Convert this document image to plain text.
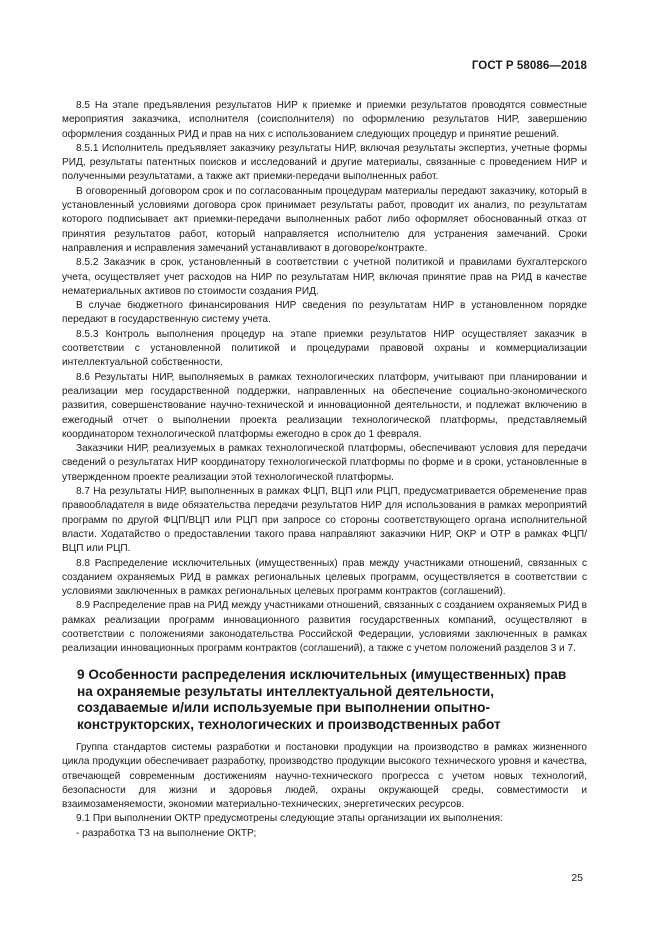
ГОСТ Р 58086—2018

8.5 На этапе предъявления результатов НИР к приемке и приемки результатов проводятся совместные мероприятия заказчика, исполнителя (соисполнителя) по оформлению результатов НИР, завершению оформления созданных РИД и прав на них с использованием следующих процедур и принятие решений.

8.5.1 Исполнитель предъявляет заказчику результаты НИР, включая результаты экспертиз, учетные формы РИД, результаты патентных поисков и исследований и другие материалы, связанные с проведением НИР и полученными результатами, а также акт приемки-передачи выполненных работ.

В оговоренный договором срок и по согласованным процедурам материалы передают заказчику, который в установленный условиями договора срок принимает результаты работ, проводит их анализ, по результатам которого подписывает акт приемки-передачи выполненных работ либо оформляет обоснованный отказ от принятия результатов работ, который направляется исполнителю для устранения замечаний. Сроки направления и исправления замечаний устанавливают в договоре/контракте.

8.5.2 Заказчик в срок, установленный в соответствии с учетной политикой и правилами бухгалтерского учета, осуществляет учет расходов на НИР по результатам НИР, включая принятие прав на РИД в качестве нематериальных активов по стоимости создания РИД.

В случае бюджетного финансирования НИР сведения по результатам НИР в установленном порядке передают в государственную систему учета.

8.5.3 Контроль выполнения процедур на этапе приемки результатов НИР осуществляет заказчик в соответствии с установленной политикой и процедурами правовой охраны и коммерциализации интеллектуальной собственности.

8.6 Результаты НИР, выполняемых в рамках технологических платформ, учитывают при планировании и реализации мер государственной поддержки, направленных на обеспечение социально-экономического развития, совершенствование научно-технической и инновационной деятельности, и подлежат включению в ежегодный отчет о выполнении проекта реализации технологической платформы, представляемый координатором технологической платформы ежегодно в срок до 1 февраля.

Заказчики НИР, реализуемых в рамках технологической платформы, обеспечивают условия для передачи сведений о результатах НИР координатору технологической платформы по форме и в сроки, установленные в утвержденном проекте реализации этой технологической платформы.

8.7 На результаты НИР, выполненных в рамках ФЦП, ВЦП или РЦП, предусматривается обременение прав правообладателя в виде обязательства передачи результатов НИР для использования в рамках мероприятий программ по другой ФЦП/ВЦП или РЦП при запросе со стороны соответствующего органа исполнительной власти. Ходатайство о предоставлении такого права направляют заказчики НИР, ОКР и ОТР в рамках ФЦП/ВЦП или РЦП.

8.8 Распределение исключительных (имущественных) прав между участниками отношений, связанных с созданием охраняемых РИД в рамках региональных целевых программ, осуществляется в соответствии с условиями заключенных в рамках региональных целевых программ контрактов (соглашений).

8.9 Распределение прав на РИД между участниками отношений, связанных с созданием охраняемых РИД в рамках реализации программ инновационного развития государственных компаний, осуществляют в соответствии с положениями законодательства Российской Федерации, условиями заключенных в рамках реализации инновационных программ контрактов (соглашений), а также с учетом положений разделов 3 и 7.

9 Особенности распределения исключительных (имущественных) прав на охраняемые результаты интеллектуальной деятельности, создаваемые и/или используемые при выполнении опытно-конструкторских, технологических и производственных работ

Группа стандартов системы разработки и постановки продукции на производство в рамках жизненного цикла продукции обеспечивает разработку, производство продукции высокого технического уровня и качества, отвечающей современным достижениям научно-технического прогресса с учетом новых технологий, безопасности для жизни и здоровья людей, охраны окружающей среды, совместимости и взаимозаменяемости, экономии материально-технических, энергетических ресурсов.

9.1 При выполнении ОКТР предусмотрены следующие этапы организации их выполнения:

- разработка ТЗ на выполнение ОКТР;

25
